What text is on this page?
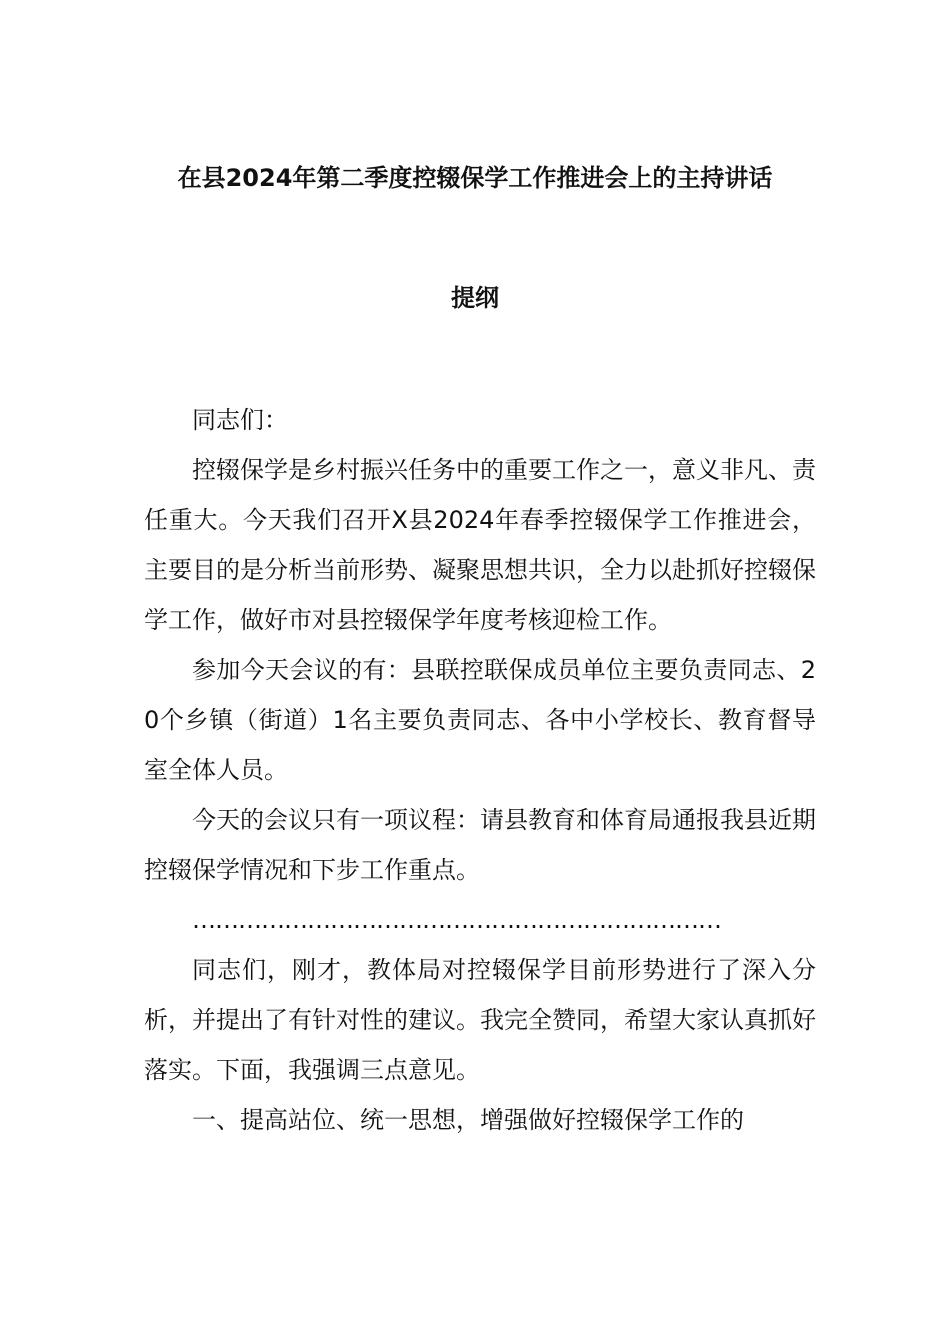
在县2024年第二季度控辍保学工作推进会上的主持讲话
提纲

同志们：

控辍保学是乡村振兴任务中的重要工作之一，意义非凡、责任重大。今天我们召开X县2024年春季控辍保学工作推进会，主要目的是分析当前形势、凝聚思想共识，全力以赴抓好控辍保学工作，做好市对县控辍保学年度考核迎检工作。

参加今天会议的有：县联控联保成员单位主要负责同志、20个乡镇（街道）1名主要负责同志、各中小学校长、教育督导室全体人员。

今天的会议只有一项议程：请县教育和体育局通报我县近期控辍保学情况和下步工作重点。

……………………………………………………………

同志们，刚才，教体局对控辍保学目前形势进行了深入分析，并提出了有针对性的建议。我完全赞同，希望大家认真抓好落实。下面，我强调三点意见。

一、提高站位、统一思想，增强做好控辍保学工作的
